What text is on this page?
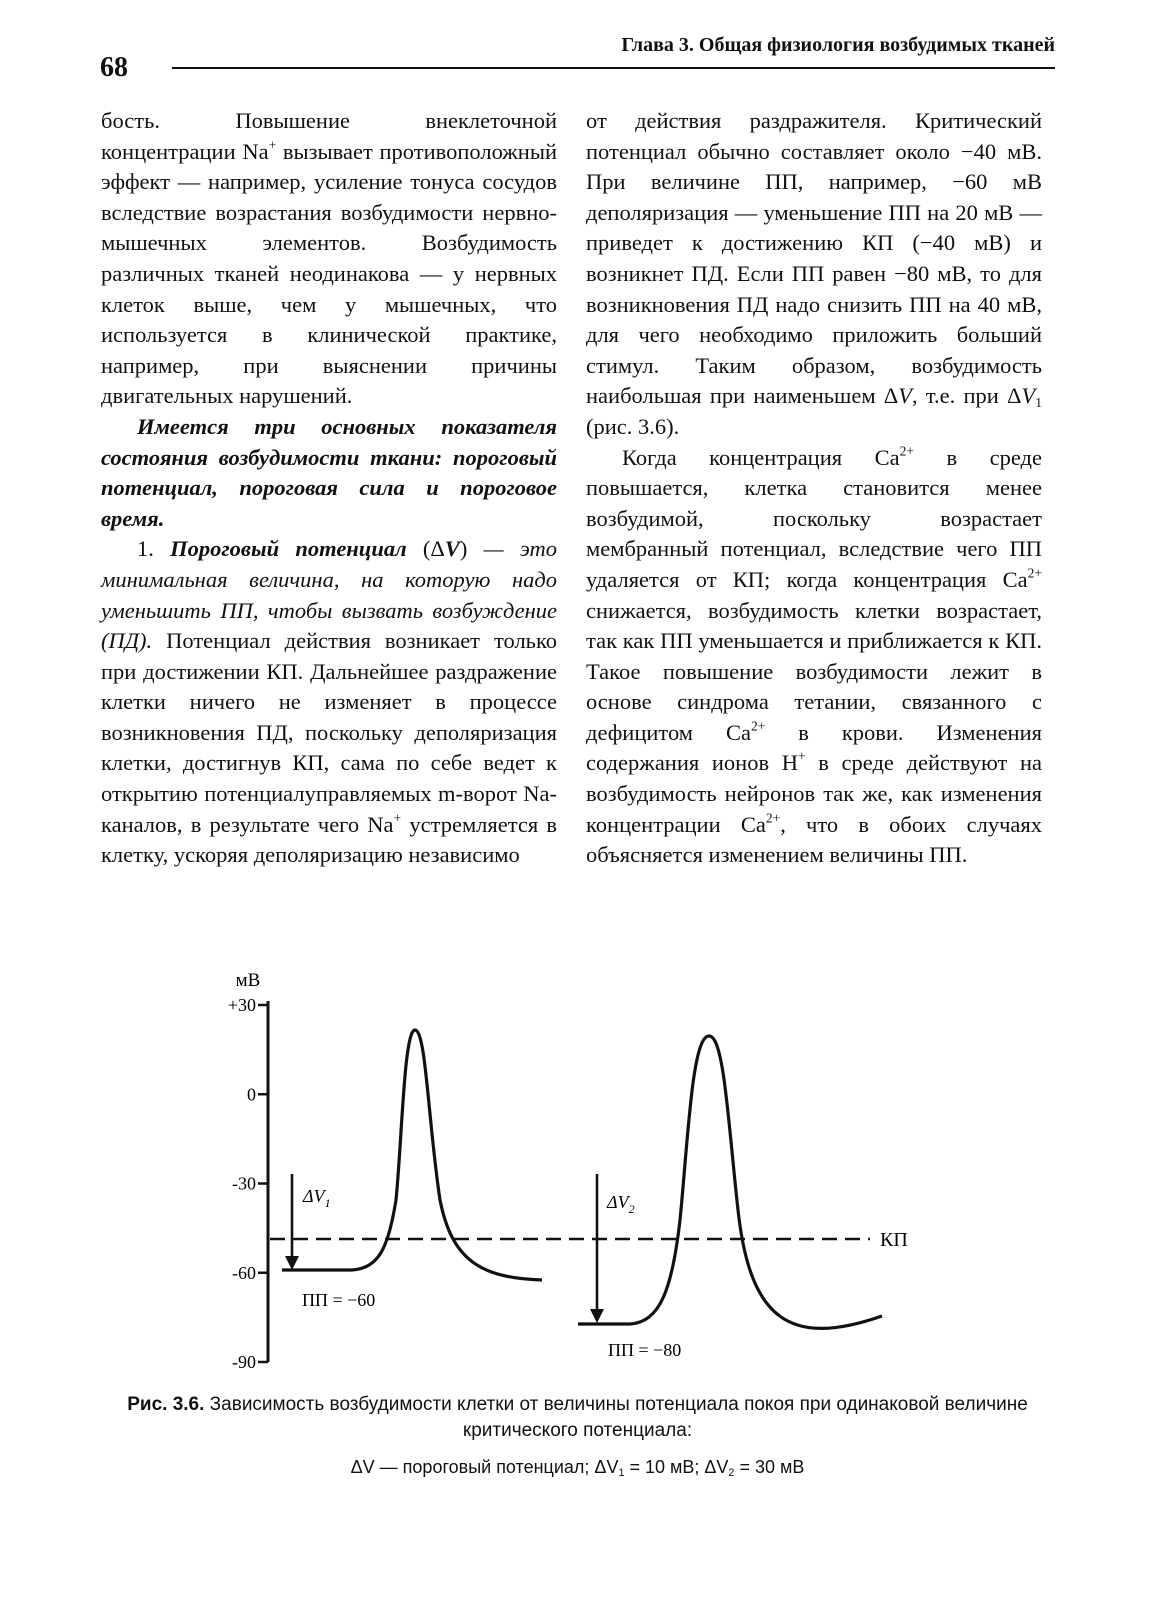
68
Глава 3. Общая физиология возбудимых тканей

бость. Повышение внеклеточной концентрации Na+ вызывает противоположный эффект — например, усиление тонуса сосудов вследствие возрастания возбудимости нервно-мышечных элементов. Возбудимость различных тканей неодинакова — у нервных клеток выше, чем у мышечных, что используется в клинической практике, например, при выяснении причины двигательных нарушений.

Имеется три основных показателя состояния возбудимости ткани: пороговый потенциал, пороговая сила и пороговое время.

1. Пороговый потенциал (ΔV) — это минимальная величина, на которую надо уменьшить ПП, чтобы вызвать возбуждение (ПД). Потенциал действия возникает только при достижении КП. Дальнейшее раздражение клетки ничего не изменяет в процессе возникновения ПД, поскольку деполяризация клетки, достигнув КП, сама по себе ведет к открытию потенциалуправляемых m-ворот Na-каналов, в результате чего Na+ устремляется в клетку, ускоряя деполяризацию независимо

от действия раздражителя. Критический потенциал обычно составляет около −40 мВ. При величине ПП, например, −60 мВ деполяризация — уменьшение ПП на 20 мВ — приведет к достижению КП (−40 мВ) и возникнет ПД. Если ПП равен −80 мВ, то для возникновения ПД надо снизить ПП на 40 мВ, для чего необходимо приложить больший стимул. Таким образом, возбудимость наибольшая при наименьшем ΔV, т.е. при $\Delta V_1$ (рис. 3.6).

Когда концентрация $Ca^{2+}$ в среде повышается, клетка становится менее возбудимой, поскольку возрастает мембранный потенциал, вследствие чего ПП удаляется от КП; когда концентрация $Ca^{2+}$ снижается, возбудимость клетки возрастает, так как ПП уменьшается и приближается к КП. Такое повышение возбудимости лежит в основе синдрома тетании, связанного с дефицитом $Ca^{2+}$ в крови. Изменения содержания ионов H+ в среде действуют на возбудимость нейронов так же, как изменения концентрации $Ca^{2+}$, что в обоих случаях объясняется изменением величины ПП.

мВ
+30
0
-30
-60
-90
КП
$\Delta V_1$
ПП = −60
$\Delta V_2$
ПП = −80
Рис. 3.6. Зависимость возбудимости клетки от величины потенциала покоя при одинаковой величине критического потенциала:
ΔV — пороговый потенциал; $\Delta V_1 = 10$ мВ; $\Delta V_2 = 30$ мВ
